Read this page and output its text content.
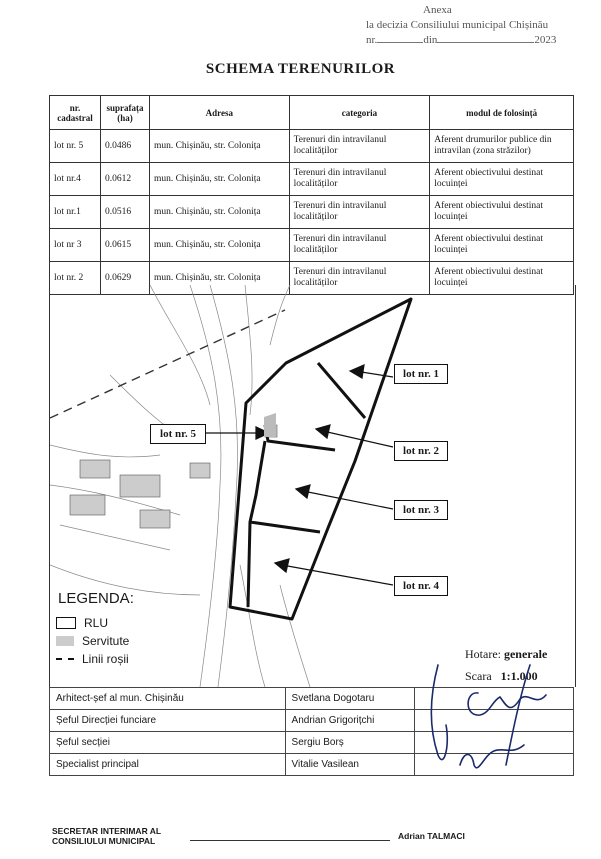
Anexa
la decizia Consiliului municipal Chișinău
nr.	din	2023
SCHEMA TERENURILOR
nr. cadastral	suprafața (ha)	Adresa	categoria	modul de folosință
lot nr. 5	0.0486	mun. Chișinău, str. Colonița	Terenuri din intravilanul localităților	Aferent drumurilor publice din intravilan (zona străzilor)
lot nr.4	0.0612	mun. Chișinău, str. Colonița	Terenuri din intravilanul localităților	Aferent obiectivului destinat locuinței
lot nr.1	0.0516	mun. Chișinău, str. Colonița	Terenuri din intravilanul localităților	Aferent obiectivului destinat locuinței
lot nr 3	0.0615	mun. Chișinău, str. Colonița	Terenuri din intravilanul localităților	Aferent obiectivului destinat locuinței
lot nr. 2	0.0629	mun. Chișinău, str. Colonița	Terenuri din intravilanul localităților	Aferent obiectivului destinat locuinței
lot nr. 1
lot nr. 2
lot nr. 3
lot nr. 4
lot nr. 5
LEGENDA:
RLU
Servitute
Linii roșii	Hotare: generale
Scara 1:1.000
Arhitect-șef al mun. Chișinău	Svetlana Dogotaru	
Șeful Direcției funciare	Andrian Grigorițchi	
Șeful secției	Sergiu Borș	
Specialist principal	Vitalie Vasilean	
SECRETAR INTERIMAR AL
CONSILIULUI MUNICIPAL	Adrian TALMACI
